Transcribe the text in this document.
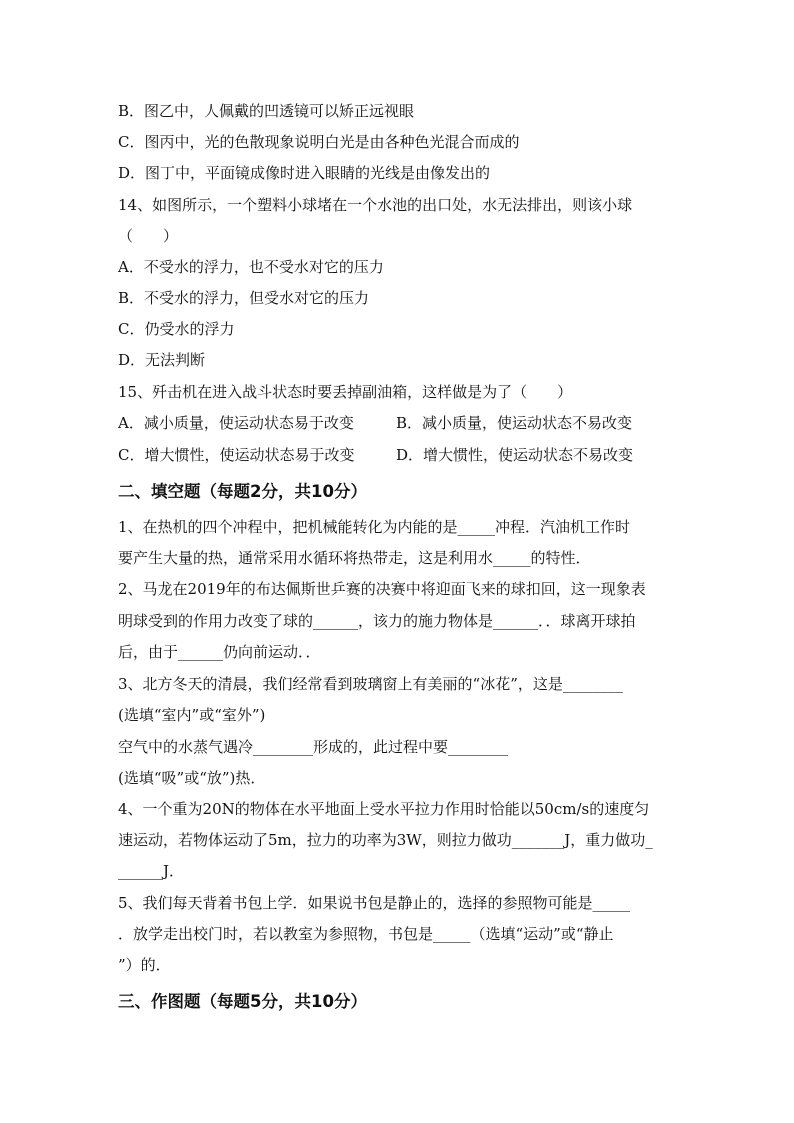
B．图乙中，人佩戴的凹透镜可以矫正远视眼
C．图丙中，光的色散现象说明白光是由各种色光混合而成的
D．图丁中，平面镜成像时进入眼睛的光线是由像发出的
14、如图所示，一个塑料小球堵在一个水池的出口处，水无法排出，则该小球
（　　）
A．不受水的浮力，也不受水对它的压力
B．不受水的浮力，但受水对它的压力
C．仍受水的浮力
D．无法判断
15、歼击机在进入战斗状态时要丢掉副油箱，这样做是为了（　　）
A．减小质量，使运动状态易于改变	B．减小质量，使运动状态不易改变
C．增大惯性，使运动状态易于改变	D．增大惯性，使运动状态不易改变
二、填空题（每题2分，共10分）
1、在热机的四个冲程中，把机械能转化为内能的是_____冲程．汽油机工作时
要产生大量的热，通常采用水循环将热带走，这是利用水_____的特性．
2、马龙在2019年的布达佩斯世乒赛的决赛中将迎面飞来的球扣回，这一现象表
明球受到的作用力改变了球的______，该力的施力物体是______．．球离开球拍
后，由于______仍向前运动．．
3、北方冬天的清晨，我们经常看到玻璃窗上有美丽的“冰花”，这是________
(选填“室内”或“室外”)
空气中的水蒸气遇冷________形成的，此过程中要________
(选填“吸”或“放”)热．
4、一个重为20N的物体在水平地面上受水平拉力作用时恰能以50cm/s的速度匀
速运动，若物体运动了5m，拉力的功率为3W，则拉力做功_______J，重力做功_
______J．
5、我们每天背着书包上学．如果说书包是静止的，选择的参照物可能是_____
．放学走出校门时，若以教室为参照物，书包是_____（选填“运动”或“静止
”）的．
三、作图题（每题5分，共10分）
